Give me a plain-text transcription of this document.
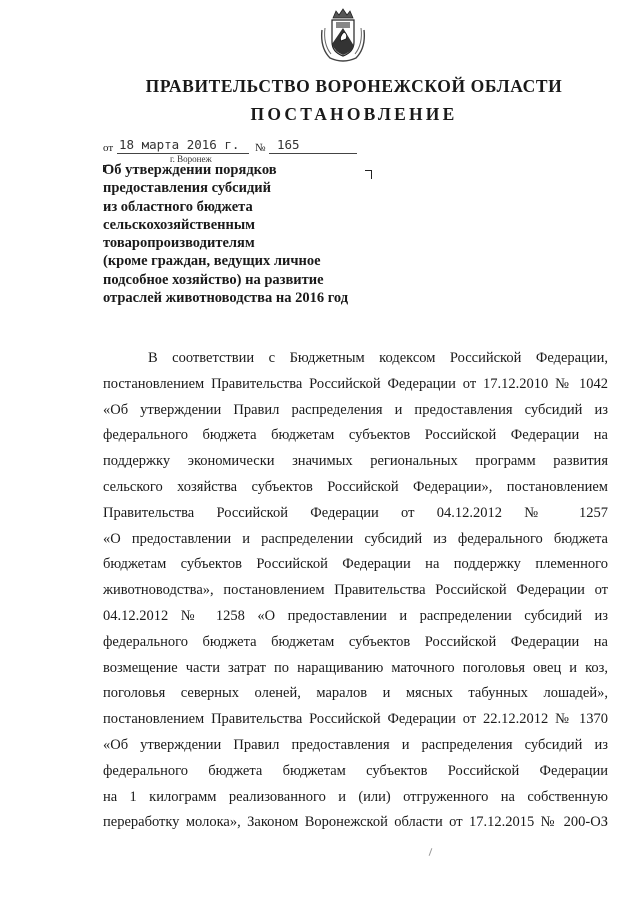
ПРАВИТЕЛЬСТВО ВОРОНЕЖСКОЙ ОБЛАСТИ
ПОСТАНОВЛЕНИЕ
от 18 марта 2016 г.	№ 165
г. Воронеж
Об утверждении порядков
предоставления субсидий
из областного бюджета
сельскохозяйственным
товаропроизводителям
(кроме граждан, ведущих личное
подсобное хозяйство) на развитие
отраслей животноводства на 2016 год
В соответствии с Бюджетным кодексом Российской Федерации,
постановлением Правительства Российской Федерации от 17.12.2010 № 1042
«Об утверждении Правил распределения и предоставления субсидий из
федерального бюджета бюджетам субъектов Российской Федерации на
поддержку экономически значимых региональных программ развития
сельского хозяйства субъектов Российской Федерации», постановлением
Правительства Российской Федерации от 04.12.2012 № 1257
«О предоставлении и распределении субсидий из федерального бюджета
бюджетам субъектов Российской Федерации на поддержку племенного
животноводства», постановлением Правительства Российской Федерации от
04.12.2012 № 1258 «О предоставлении и распределении субсидий из
федерального бюджета бюджетам субъектов Российской Федерации на
возмещение части затрат по наращиванию маточного поголовья овец и коз,
поголовья северных оленей, маралов и мясных табунных лошадей»,
постановлением Правительства Российской Федерации от 22.12.2012 № 1370
«Об утверждении Правил предоставления и распределения субсидий из
федерального бюджета бюджетам субъектов Российской Федерации
на 1 килограмм реализованного и (или) отгруженного на собственную
переработку молока», Законом Воронежской области от 17.12.2015 № 200-ОЗ
